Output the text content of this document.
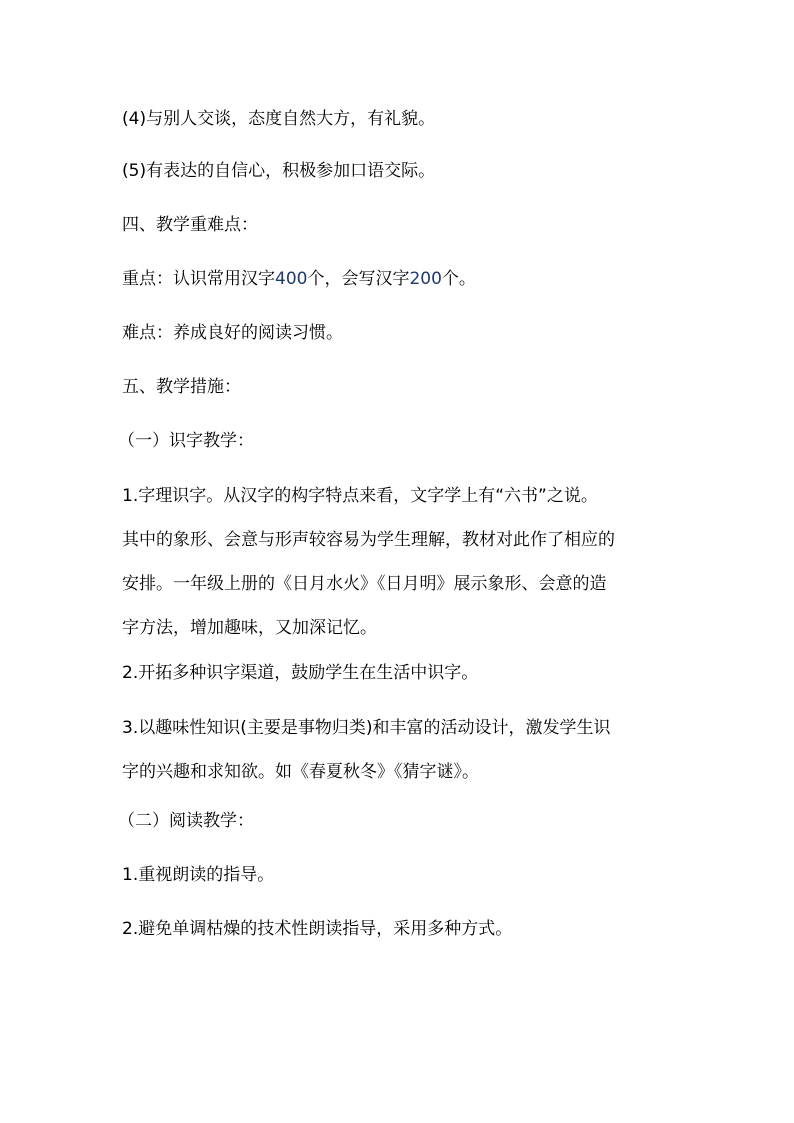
(4)与别人交谈，态度自然大方，有礼貌。

(5)有表达的自信心，积极参加口语交际。

四、教学重难点：

重点：认识常用汉字400个，会写汉字200个。

难点：养成良好的阅读习惯。

五、教学措施：

（一）识字教学：

1.字理识字。从汉字的构字特点来看，文字学上有“六书”之说。
其中的象形、会意与形声较容易为学生理解，教材对此作了相应的
安排。一年级上册的《日月水火》《日月明》展示象形、会意的造
字方法，增加趣味，又加深记忆。

2.开拓多种识字渠道，鼓励学生在生活中识字。

3.以趣味性知识(主要是事物归类)和丰富的活动设计，激发学生识
字的兴趣和求知欲。如《春夏秋冬》《猜字谜》。

（二）阅读教学：

1.重视朗读的指导。

2.避免单调枯燥的技术性朗读指导，采用多种方式。
